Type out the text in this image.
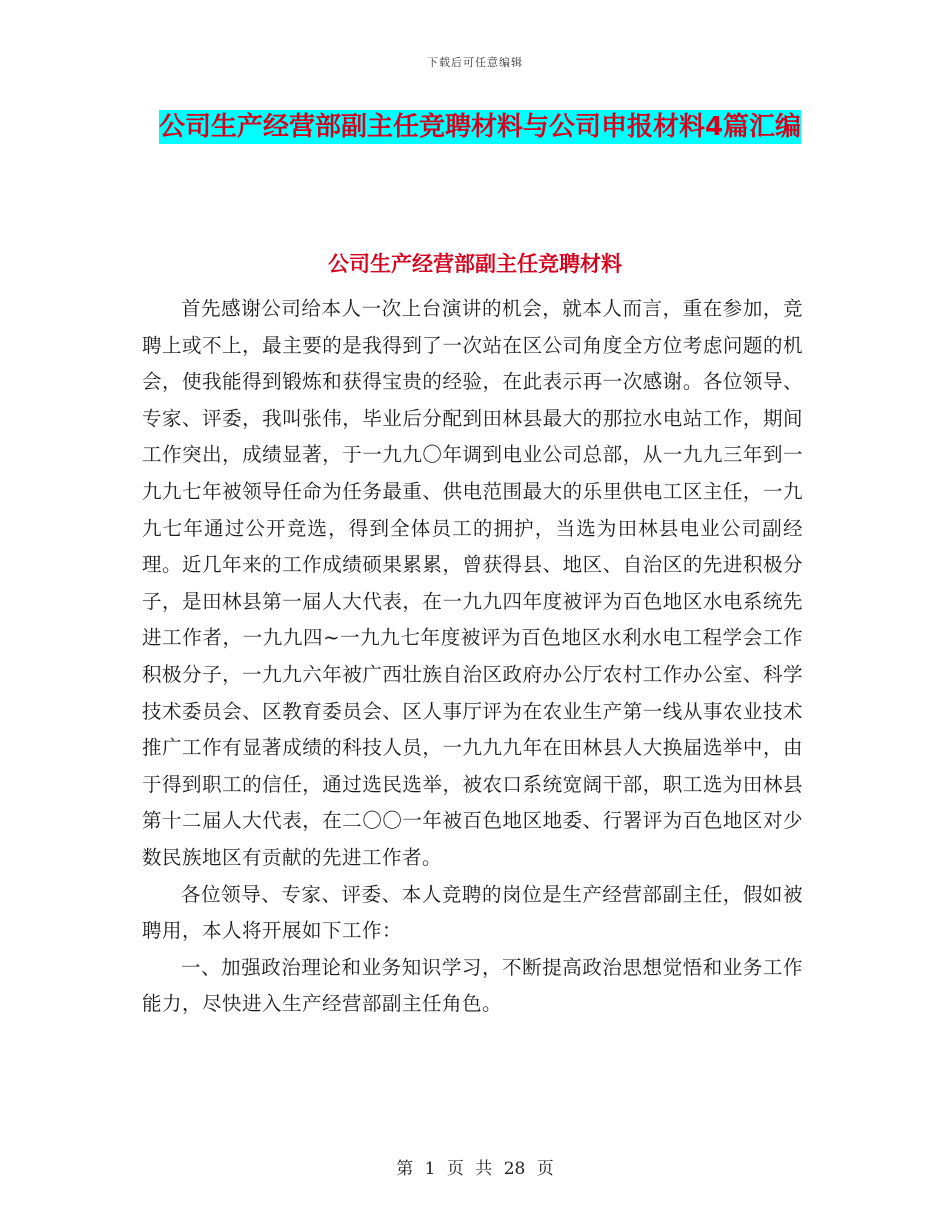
下载后可任意编辑
公司生产经营部副主任竞聘材料与公司申报材料4篇汇编
公司生产经营部副主任竞聘材料

首先感谢公司给本人一次上台演讲的机会，就本人而言，重在参加，竞聘上或不上，最主要的是我得到了一次站在区公司角度全方位考虑问题的机会，使我能得到锻炼和获得宝贵的经验，在此表示再一次感谢。各位领导、专家、评委，我叫张伟，毕业后分配到田林县最大的那拉水电站工作，期间工作突出，成绩显著，于一九九〇年调到电业公司总部，从一九九三年到一九九七年被领导任命为任务最重、供电范围最大的乐里供电工区主任，一九九七年通过公开竞选，得到全体员工的拥护，当选为田林县电业公司副经理。近几年来的工作成绩硕果累累，曾获得县、地区、自治区的先进积极分子，是田林县第一届人大代表，在一九九四年度被评为百色地区水电系统先进工作者，一九九四~一九九七年度被评为百色地区水利水电工程学会工作积极分子，一九九六年被广西壮族自治区政府办公厅农村工作办公室、科学技术委员会、区教育委员会、区人事厅评为在农业生产第一线从事农业技术推广工作有显著成绩的科技人员，一九九九年在田林县人大换届选举中，由于得到职工的信任，通过选民选举，被农口系统宽阔干部，职工选为田林县第十二届人大代表，在二〇〇一年被百色地区地委、行署评为百色地区对少数民族地区有贡献的先进工作者。

各位领导、专家、评委、本人竞聘的岗位是生产经营部副主任，假如被聘用，本人将开展如下工作：

一、加强政治理论和业务知识学习，不断提高政治思想觉悟和业务工作能力，尽快进入生产经营部副主任角色。

第 1 页 共 28 页
